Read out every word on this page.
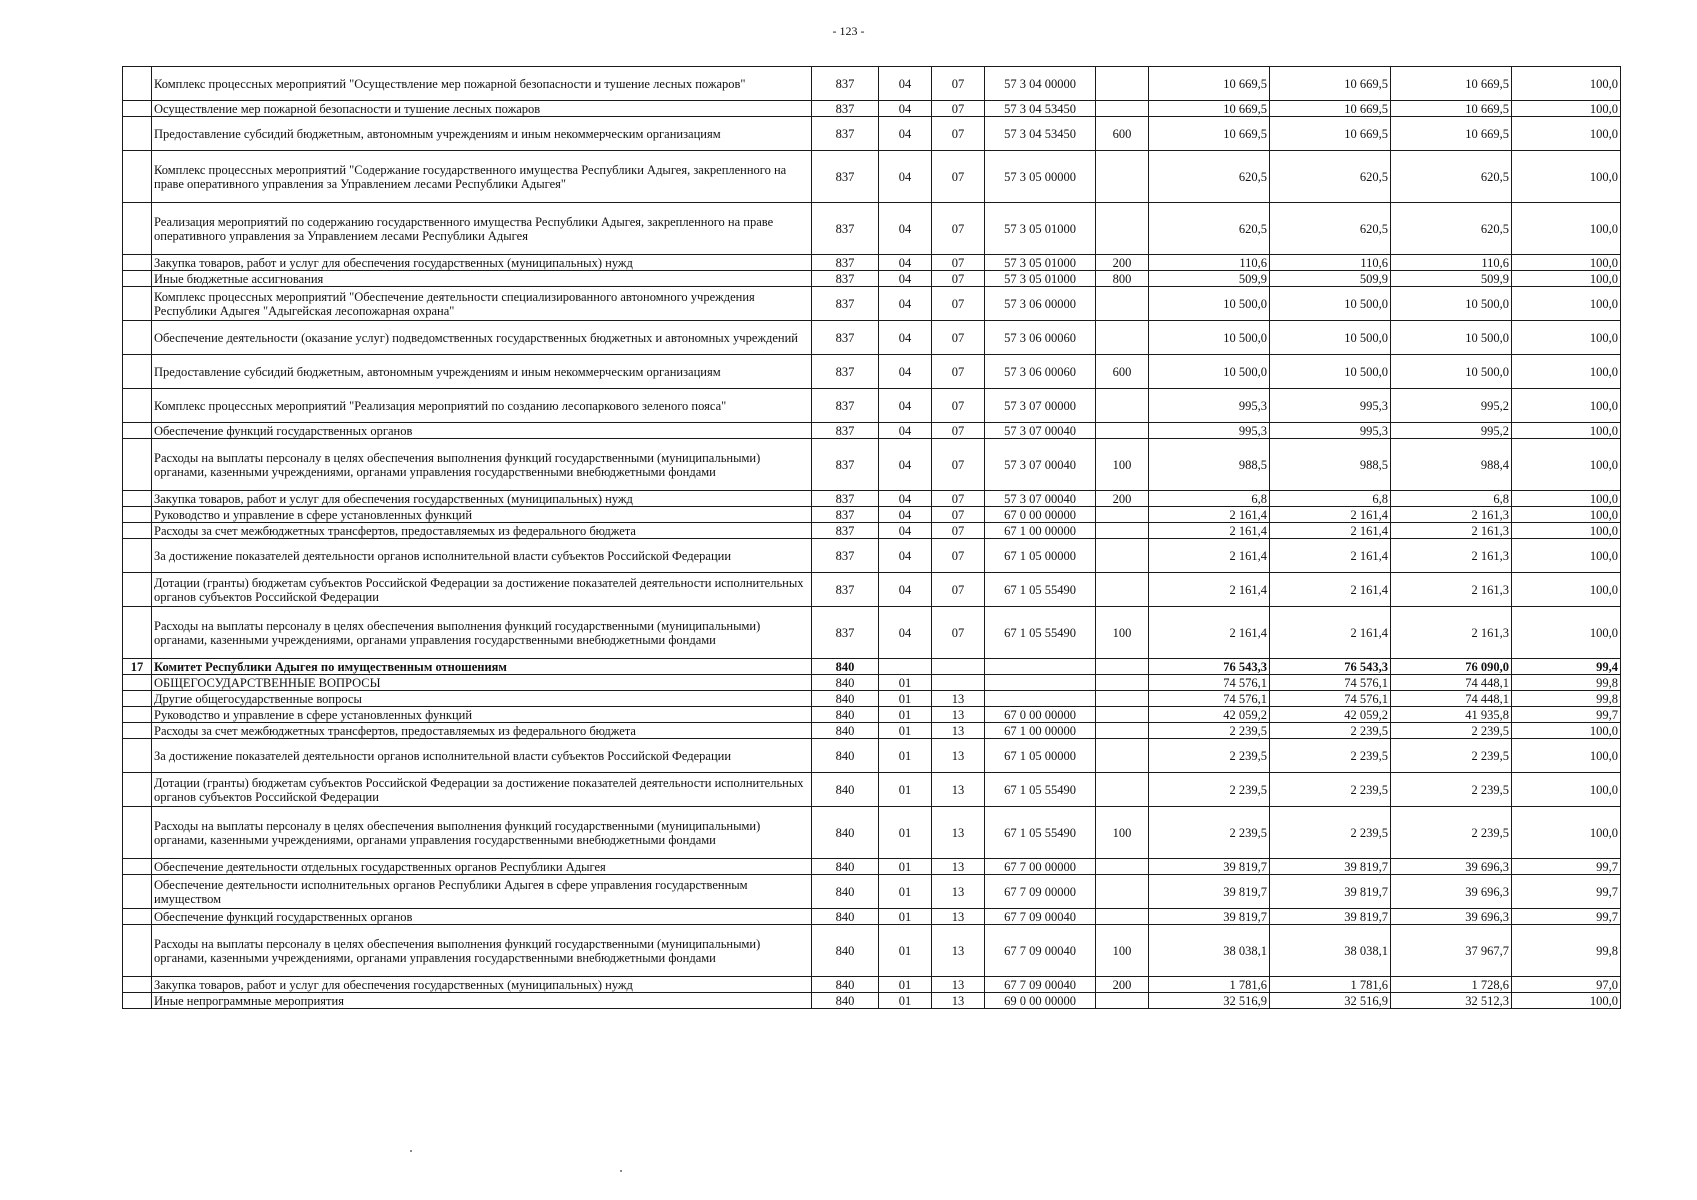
- 123 -
	Комплекс процессных мероприятий "Осуществление мер пожарной безопасности и тушение лесных пожаров"	837	04	07	57 3 04 00000		10 669,5	10 669,5	10 669,5	100,0
	Осуществление мер пожарной безопасности и тушение лесных пожаров	837	04	07	57 3 04 53450		10 669,5	10 669,5	10 669,5	100,0
	Предоставление субсидий бюджетным, автономным учреждениям и иным некоммерческим организациям	837	04	07	57 3 04 53450	600	10 669,5	10 669,5	10 669,5	100,0
	Комплекс процессных мероприятий "Содержание государственного имущества Республики Адыгея, закрепленного на праве оперативного управления за Управлением лесами Республики Адыгея"	837	04	07	57 3 05 00000		620,5	620,5	620,5	100,0
	Реализация мероприятий по содержанию государственного имущества Республики Адыгея, закрепленного на праве оперативного управления за Управлением лесами Республики Адыгея	837	04	07	57 3 05 01000		620,5	620,5	620,5	100,0
	Закупка товаров, работ и услуг для обеспечения государственных (муниципальных) нужд	837	04	07	57 3 05 01000	200	110,6	110,6	110,6	100,0
	Иные бюджетные ассигнования	837	04	07	57 3 05 01000	800	509,9	509,9	509,9	100,0
	Комплекс процессных мероприятий "Обеспечение деятельности специализированного автономного учреждения Республики Адыгея "Адыгейская лесопожарная охрана"	837	04	07	57 3 06 00000		10 500,0	10 500,0	10 500,0	100,0
	Обеспечение деятельности (оказание услуг) подведомственных государственных бюджетных и автономных учреждений	837	04	07	57 3 06 00060		10 500,0	10 500,0	10 500,0	100,0
	Предоставление субсидий бюджетным, автономным учреждениям и иным некоммерческим организациям	837	04	07	57 3 06 00060	600	10 500,0	10 500,0	10 500,0	100,0
	Комплекс процессных мероприятий "Реализация мероприятий по созданию лесопаркового зеленого пояса"	837	04	07	57 3 07 00000		995,3	995,3	995,2	100,0
	Обеспечение функций государственных органов	837	04	07	57 3 07 00040		995,3	995,3	995,2	100,0
	Расходы на выплаты персоналу в целях обеспечения выполнения функций государственными (муниципальными) органами, казенными учреждениями, органами управления государственными внебюджетными фондами	837	04	07	57 3 07 00040	100	988,5	988,5	988,4	100,0
	Закупка товаров, работ и услуг для обеспечения государственных (муниципальных) нужд	837	04	07	57 3 07 00040	200	6,8	6,8	6,8	100,0
	Руководство и управление в сфере установленных функций	837	04	07	67 0 00 00000		2 161,4	2 161,4	2 161,3	100,0
	Расходы за счет межбюджетных трансфертов, предоставляемых из федерального бюджета	837	04	07	67 1 00 00000		2 161,4	2 161,4	2 161,3	100,0
	За достижение показателей деятельности органов исполнительной власти субъектов Российской Федерации	837	04	07	67 1 05 00000		2 161,4	2 161,4	2 161,3	100,0
	Дотации (гранты) бюджетам субъектов Российской Федерации за достижение показателей деятельности исполнительных органов субъектов Российской Федерации	837	04	07	67 1 05 55490		2 161,4	2 161,4	2 161,3	100,0
	Расходы на выплаты персоналу в целях обеспечения выполнения функций государственными (муниципальными) органами, казенными учреждениями, органами управления государственными внебюджетными фондами	837	04	07	67 1 05 55490	100	2 161,4	2 161,4	2 161,3	100,0
17	Комитет Республики Адыгея по имущественным отношениям	840					76 543,3	76 543,3	76 090,0	99,4
	ОБЩЕГОСУДАРСТВЕННЫЕ ВОПРОСЫ	840	01				74 576,1	74 576,1	74 448,1	99,8
	Другие общегосударственные вопросы	840	01	13			74 576,1	74 576,1	74 448,1	99,8
	Руководство и управление в сфере установленных функций	840	01	13	67 0 00 00000		42 059,2	42 059,2	41 935,8	99,7
	Расходы за счет межбюджетных трансфертов, предоставляемых из федерального бюджета	840	01	13	67 1 00 00000		2 239,5	2 239,5	2 239,5	100,0
	За достижение показателей деятельности органов исполнительной власти субъектов Российской Федерации	840	01	13	67 1 05 00000		2 239,5	2 239,5	2 239,5	100,0
	Дотации (гранты) бюджетам субъектов Российской Федерации за достижение показателей деятельности исполнительных органов субъектов Российской Федерации	840	01	13	67 1 05 55490		2 239,5	2 239,5	2 239,5	100,0
	Расходы на выплаты персоналу в целях обеспечения выполнения функций государственными (муниципальными) органами, казенными учреждениями, органами управления государственными внебюджетными фондами	840	01	13	67 1 05 55490	100	2 239,5	2 239,5	2 239,5	100,0
	Обеспечение деятельности отдельных государственных органов Республики Адыгея	840	01	13	67 7 00 00000		39 819,7	39 819,7	39 696,3	99,7
	Обеспечение деятельности исполнительных органов Республики Адыгея в сфере управления государственным имуществом	840	01	13	67 7 09 00000		39 819,7	39 819,7	39 696,3	99,7
	Обеспечение функций государственных органов	840	01	13	67 7 09 00040		39 819,7	39 819,7	39 696,3	99,7
	Расходы на выплаты персоналу в целях обеспечения выполнения функций государственными (муниципальными) органами, казенными учреждениями, органами управления государственными внебюджетными фондами	840	01	13	67 7 09 00040	100	38 038,1	38 038,1	37 967,7	99,8
	Закупка товаров, работ и услуг для обеспечения государственных (муниципальных) нужд	840	01	13	67 7 09 00040	200	1 781,6	1 781,6	1 728,6	97,0
	Иные непрограммные мероприятия	840	01	13	69 0 00 00000		32 516,9	32 516,9	32 512,3	100,0
